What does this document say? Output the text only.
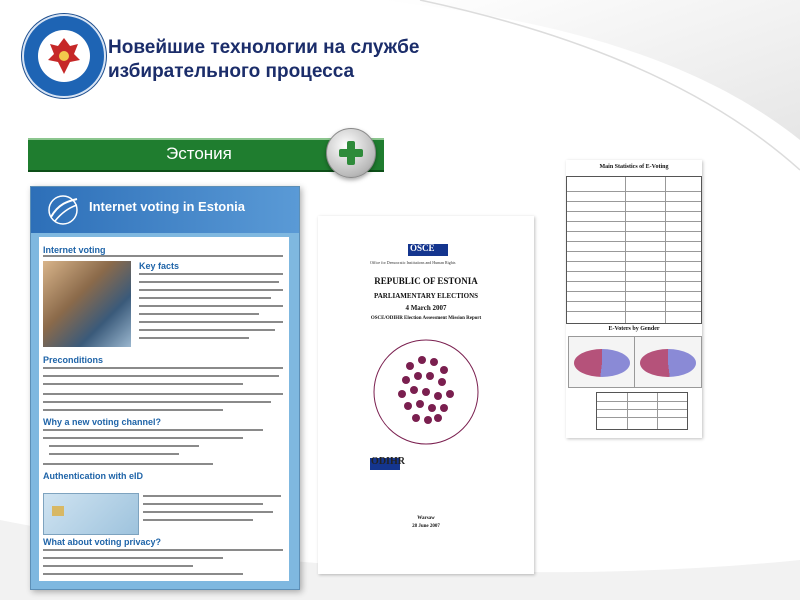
Новейшие технологии на службе
избирательного процесса
Эстония
Internet voting in Estonia
Internet voting
Key facts
Preconditions
Why a new voting channel?
Authentication with eID
What about voting privacy?
OSCE
Office for Democratic Institutions and Human Rights
REPUBLIC OF ESTONIA
PARLIAMENTARY ELECTIONS
4 March 2007
OSCE/ODIHR Election Assessment Mission Report
ODIHR
Warsaw
28 June 2007
Main Statistics of E-Voting
E-Voters by Gender
